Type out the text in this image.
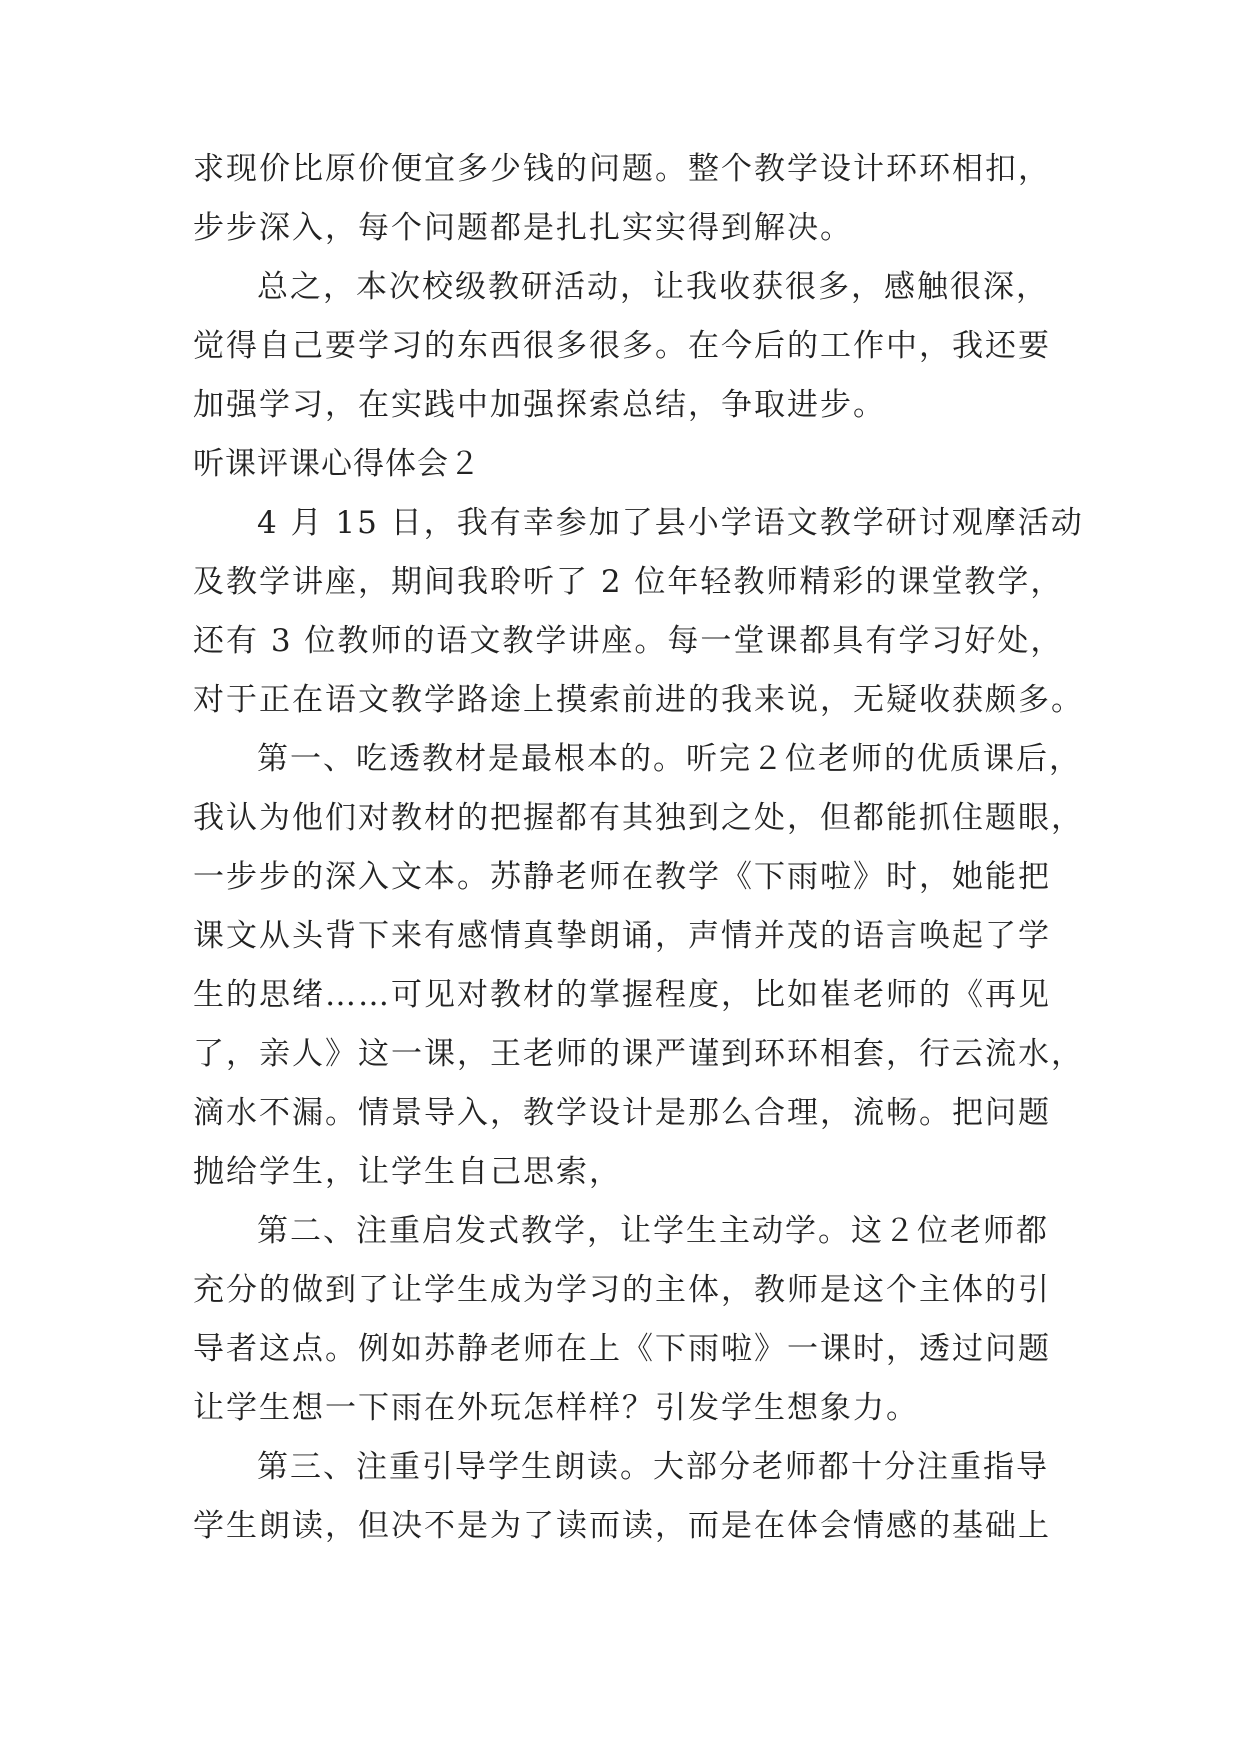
求现价比原价便宜多少钱的问题。整个教学设计环环相扣，

步步深入，每个问题都是扎扎实实得到解决。

总之，本次校级教研活动，让我收获很多，感触很深，

觉得自己要学习的东西很多很多。在今后的工作中，我还要

加强学习，在实践中加强探索总结，争取进步。

听课评课心得体会２

4 月 15 日，我有幸参加了县小学语文教学研讨观摩活动

及教学讲座，期间我聆听了 2 位年轻教师精彩的课堂教学，

还有 3 位教师的语文教学讲座。每一堂课都具有学习好处，

对于正在语文教学路途上摸索前进的我来说，无疑收获颇多。

第一、吃透教材是最根本的。听完２位老师的优质课后，

我认为他们对教材的把握都有其独到之处，但都能抓住题眼，

一步步的深入文本。苏静老师在教学《下雨啦》时，她能把

课文从头背下来有感情真挚朗诵，声情并茂的语言唤起了学

生的思绪……可见对教材的掌握程度，比如崔老师的《再见

了，亲人》这一课，王老师的课严谨到环环相套，行云流水，

滴水不漏。情景导入，教学设计是那么合理，流畅。把问题

抛给学生，让学生自己思索，

第二、注重启发式教学，让学生主动学。这２位老师都

充分的做到了让学生成为学习的主体，教师是这个主体的引

导者这点。例如苏静老师在上《下雨啦》一课时，透过问题

让学生想一下雨在外玩怎样样？引发学生想象力。

第三、注重引导学生朗读。大部分老师都十分注重指导

学生朗读，但决不是为了读而读，而是在体会情感的基础上
